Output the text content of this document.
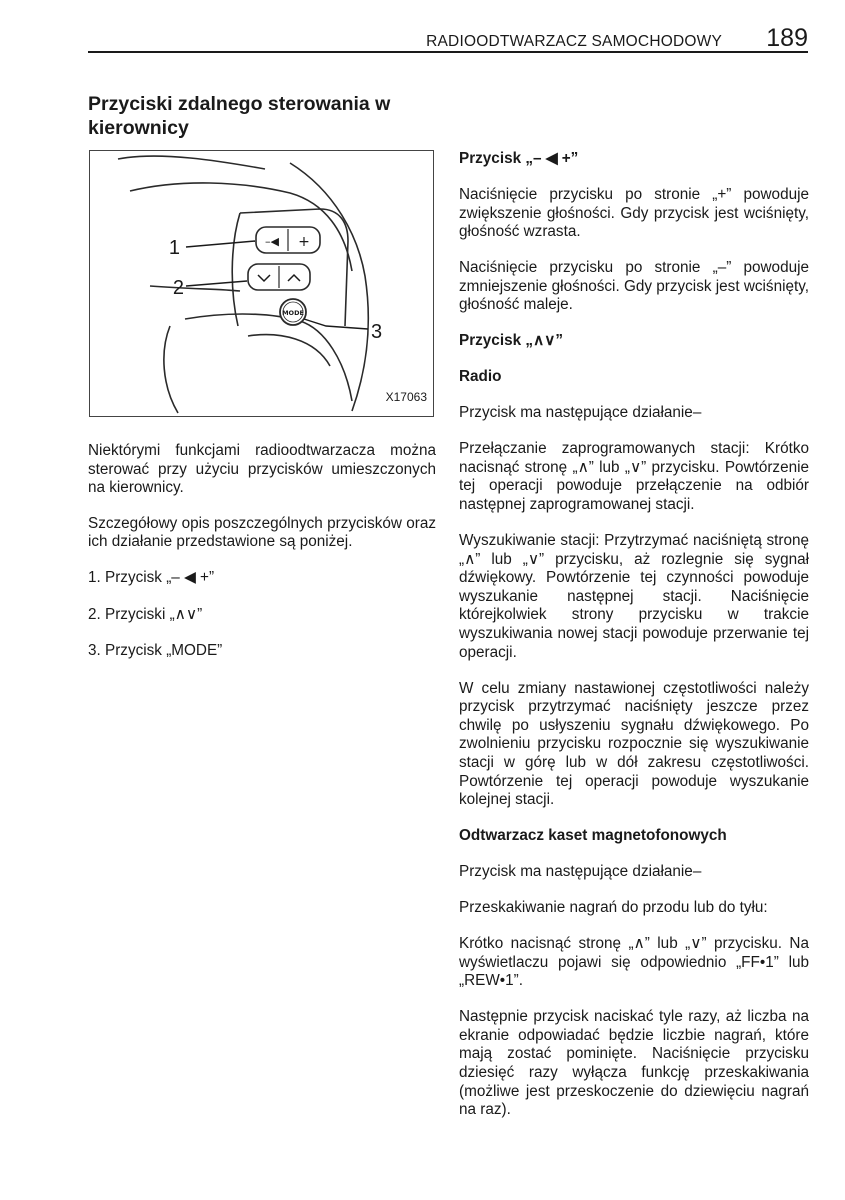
RADIOODTWARZACZ SAMOCHODOWY 189
Przyciski zdalnego sterowania w kierownicy
–◀ +
MODE
1
2
3
X17063

Niektórymi funkcjami radioodtwarzacza można sterować przy użyciu przycisków umieszczonych na kierownicy.

Szczegółowy opis poszczególnych przycisków oraz ich działanie przedstawione są poniżej.

1. Przycisk „– ◀ +”
2. Przyciski „∧∨”
3. Przycisk „MODE”

Przycisk „– ◀ +”

Naciśnięcie przycisku po stronie „+” powoduje zwiększenie głośności. Gdy przycisk jest wciśnięty, głośność wzrasta.

Naciśnięcie przycisku po stronie „–” powoduje zmniejszenie głośności. Gdy przycisk jest wciśnięty, głośność maleje.

Przycisk „∧∨”

Radio

Przycisk ma następujące działanie–

Przełączanie zaprogramowanych stacji: Krótko nacisnąć stronę „∧” lub „∨” przycisku. Powtórzenie tej operacji powoduje przełączenie na odbiór następnej zaprogramowanej stacji.

Wyszukiwanie stacji: Przytrzymać naciśniętą stronę „∧” lub „∨” przycisku, aż rozlegnie się sygnał dźwiękowy. Powtórzenie tej czynności powoduje wyszukanie następnej stacji. Naciśnięcie którejkolwiek strony przycisku w trakcie wyszukiwania nowej stacji powoduje przerwanie tej operacji.

W celu zmiany nastawionej częstotliwości należy przycisk przytrzymać naciśnięty jeszcze przez chwilę po usłyszeniu sygnału dźwiękowego. Po zwolnieniu przycisku rozpocznie się wyszukiwanie stacji w górę lub w dół zakresu częstotliwości. Powtórzenie tej operacji powoduje wyszukanie kolejnej stacji.

Odtwarzacz kaset magnetofonowych

Przycisk ma następujące działanie–

Przeskakiwanie nagrań do przodu lub do tyłu:

Krótko nacisnąć stronę „∧” lub „∨” przycisku. Na wyświetlaczu pojawi się odpowiednio „FF•1” lub „REW•1”.

Następnie przycisk naciskać tyle razy, aż liczba na ekranie odpowiadać będzie liczbie nagrań, które mają zostać pominięte. Naciśnięcie przycisku dziesięć razy wyłącza funkcję przeskakiwania (możliwe jest przeskoczenie do dziewięciu nagrań na raz).
